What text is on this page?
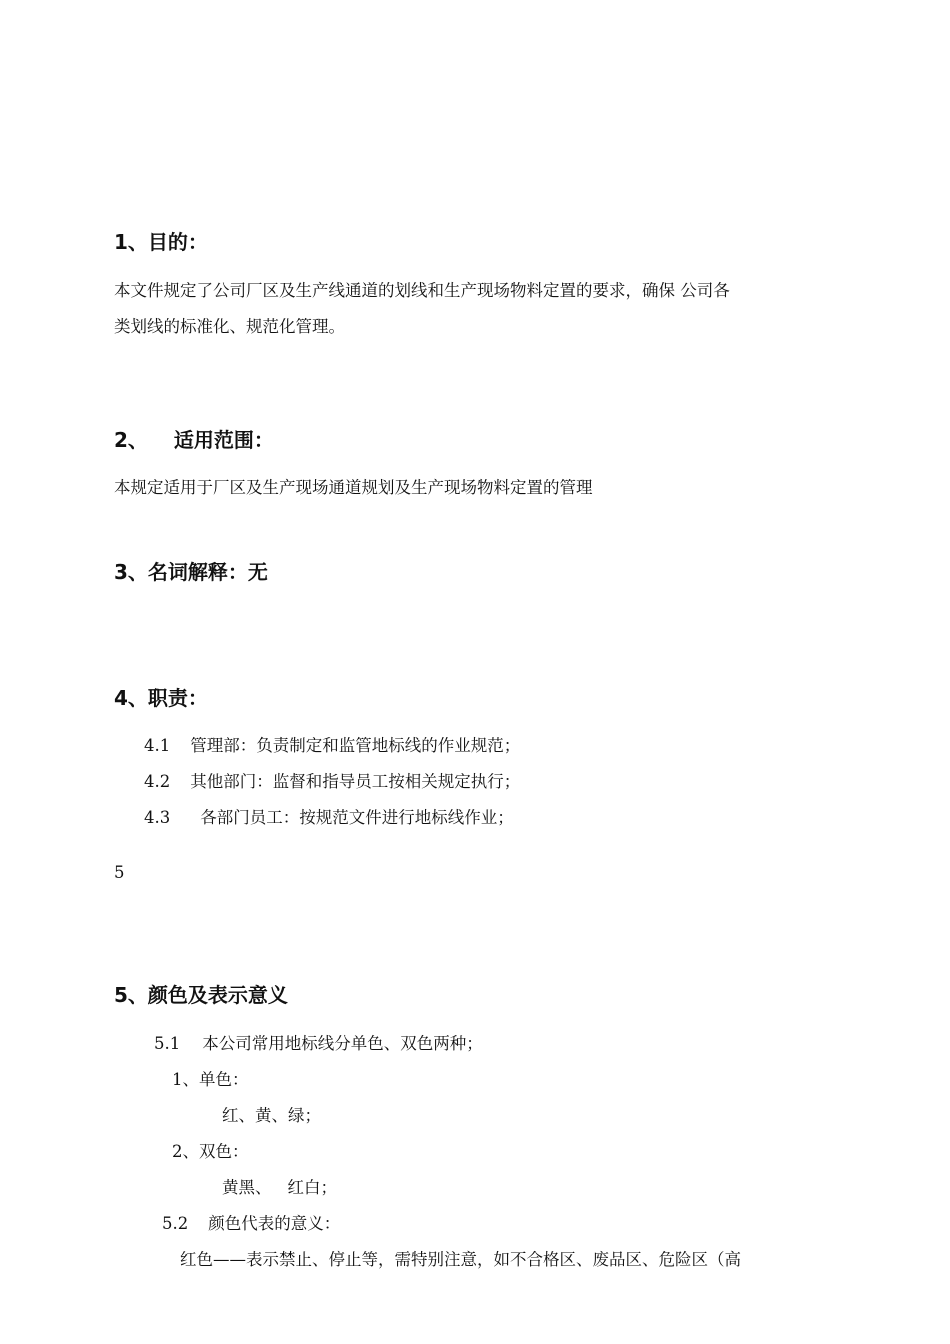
1、目的：
本文件规定了公司厂区及生产线通道的划线和生产现场物料定置的要求，确保 公司各
类划线的标准化、规范化管理。
2、 适用范围：
本规定适用于厂区及生产现场通道规划及生产现场物料定置的管理
3、名词解释：无
4、职责：
4.1 管理部：负责制定和监管地标线的作业规范；
4.2 其他部门：监督和指导员工按相关规定执行；
4.3 各部门员工：按规范文件进行地标线作业；
5
5、颜色及表示意义
5.1 本公司常用地标线分单色、双色两种；
1、单色：
红、黄、绿；
2、双色：
黄黑、 红白；
5.2 颜色代表的意义：
红色——表示禁止、停止等，需特别注意，如不合格区、废品区、危险区（高
